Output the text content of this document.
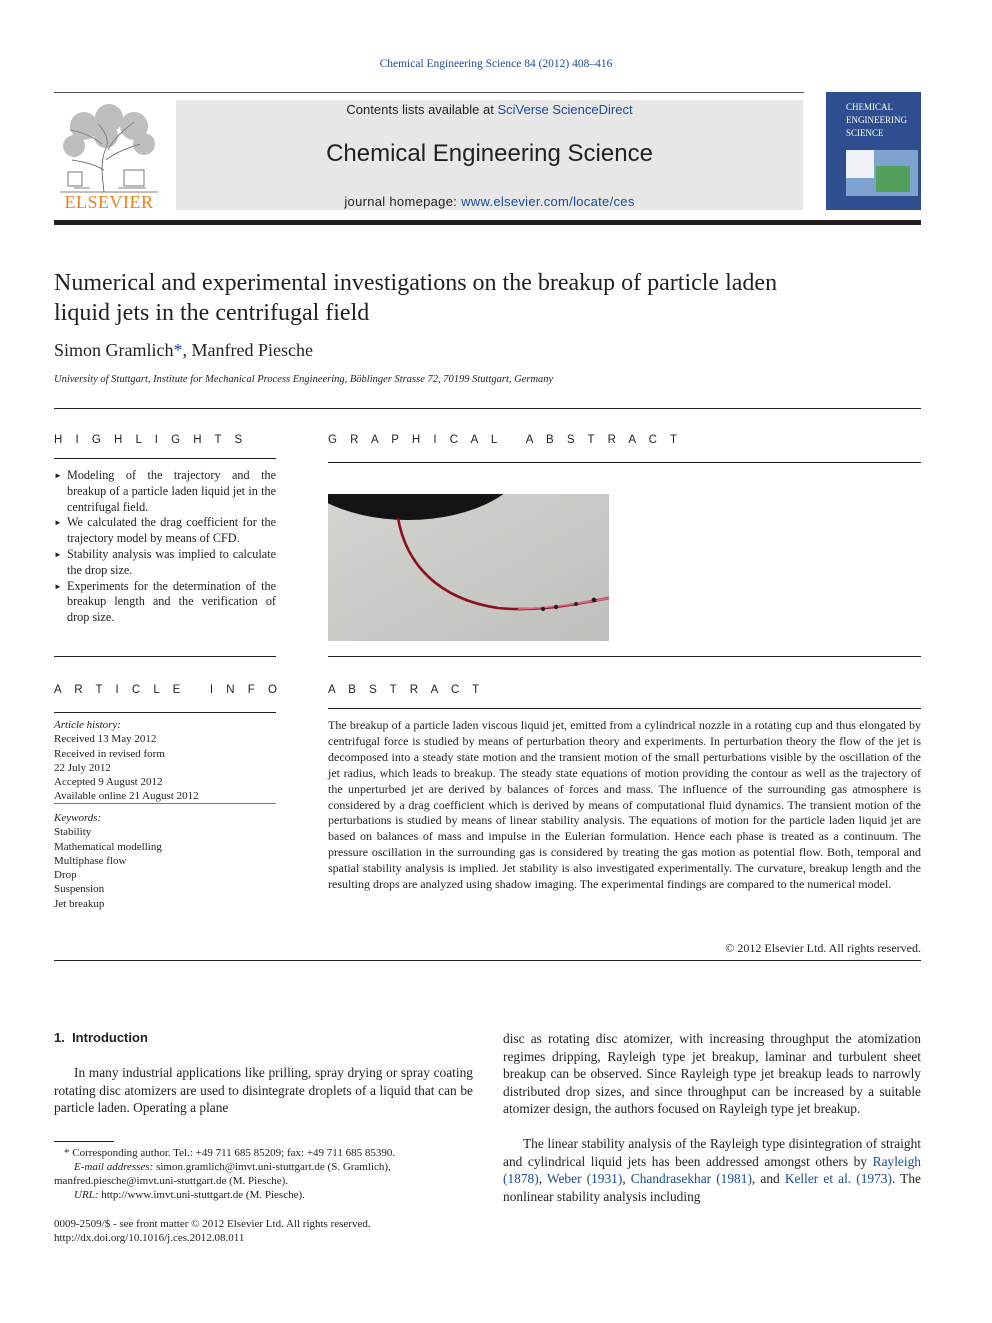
Chemical Engineering Science 84 (2012) 408–416
ELSEVIER
Contents lists available at SciVerse ScienceDirect
Chemical Engineering Science
journal homepage: www.elsevier.com/locate/ces
CHEMICAL
ENGINEERING
SCIENCE
Numerical and experimental investigations on the breakup of particle laden
liquid jets in the centrifugal field
Simon Gramlich*, Manfred Piesche
University of Stuttgart, Institute for Mechanical Process Engineering, Böblinger Strasse 72, 70199 Stuttgart, Germany
H I G H L I G H T S
► Modeling of the trajectory and the breakup of a particle laden liquid jet in the centrifugal field.
► We calculated the drag coefficient for the trajectory model by means of CFD.
► Stability analysis was implied to calculate the drop size.
► Experiments for the determination of the breakup length and the verification of drop size.
G R A P H I C A L   A B S T R A C T
A R T I C L E   I N F O
Article history:
Received 13 May 2012
Received in revised form
22 July 2012
Accepted 9 August 2012
Available online 21 August 2012
Keywords:
Stability
Mathematical modelling
Multiphase flow
Drop
Suspension
Jet breakup
A B S T R A C T
The breakup of a particle laden viscous liquid jet, emitted from a cylindrical nozzle in a rotating cup and thus elongated by centrifugal force is studied by means of perturbation theory and experiments. In perturbation theory the flow of the jet is decomposed into a steady state motion and the transient motion of the small perturbations visible by the oscillation of the jet radius, which leads to breakup. The steady state equations of motion providing the contour as well as the trajectory of the unperturbed jet are derived by balances of forces and mass. The influence of the surrounding gas atmosphere is considered by a drag coefficient which is derived by means of computational fluid dynamics. The transient motion of the perturbations is studied by means of linear stability analysis. The equations of motion for the particle laden liquid jet are based on balances of mass and impulse in the Eulerian formulation. Hence each phase is treated as a continuum. The pressure oscillation in the surrounding gas is considered by treating the gas motion as potential flow. Both, temporal and spatial stability analysis is implied. Jet stability is also investigated experimentally. The curvature, breakup length and the resulting drops are analyzed using shadow imaging. The experimental findings are compared to the numerical model.
© 2012 Elsevier Ltd. All rights reserved.
1.  Introduction
In many industrial applications like prilling, spray drying or spray coating rotating disc atomizers are used to disintegrate droplets of a liquid that can be particle laden. Operating a plane
* Corresponding author. Tel.: +49 711 685 85209; fax: +49 711 685 85390.
E-mail addresses: simon.gramlich@imvt.uni-stuttgart.de (S. Gramlich),
manfred.piesche@imvt.uni-stuttgart.de (M. Piesche).
URL: http://www.imvt.uni-stuttgart.de (M. Piesche).
0009-2509/$ - see front matter © 2012 Elsevier Ltd. All rights reserved.
http://dx.doi.org/10.1016/j.ces.2012.08.011
disc as rotating disc atomizer, with increasing throughput the atomization regimes dripping, Rayleigh type jet breakup, laminar and turbulent sheet breakup can be observed. Since Rayleigh type jet breakup leads to narrowly distributed drop sizes, and since throughput can be increased by a suitable atomizer design, the authors focused on Rayleigh type jet breakup.
The linear stability analysis of the Rayleigh type disintegration of straight and cylindrical liquid jets has been addressed amongst others by Rayleigh (1878), Weber (1931), Chandrasekhar (1981), and Keller et al. (1973). The nonlinear stability analysis including
